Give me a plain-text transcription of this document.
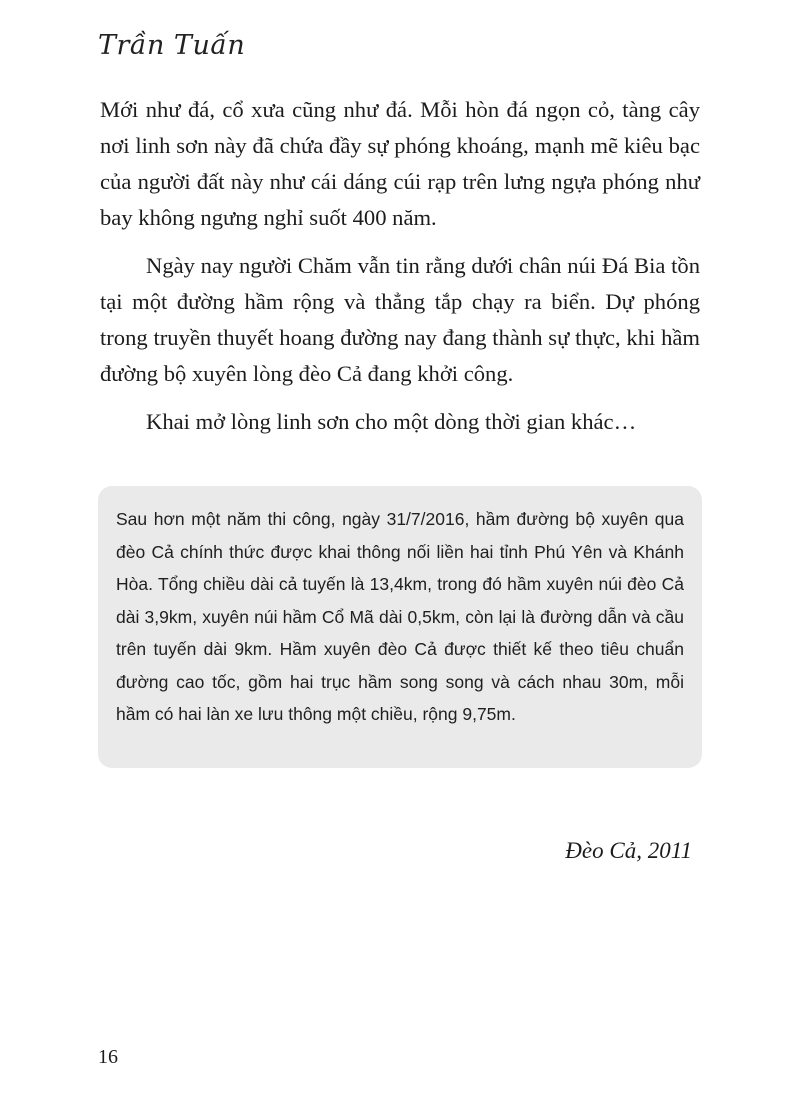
Trần Tuấn

Mới như đá, cổ xưa cũng như đá. Mỗi hòn đá ngọn cỏ, tàng cây nơi linh sơn này đã chứa đầy sự phóng khoáng, mạnh mẽ kiêu bạc của người đất này như cái dáng cúi rạp trên lưng ngựa phóng như bay không ngưng nghỉ suốt 400 năm.

Ngày nay người Chăm vẫn tin rằng dưới chân núi Đá Bia tồn tại một đường hầm rộng và thẳng tắp chạy ra biển. Dự phóng trong truyền thuyết hoang đường nay đang thành sự thực, khi hầm đường bộ xuyên lòng đèo Cả đang khởi công.

Khai mở lòng linh sơn cho một dòng thời gian khác…

Sau hơn một năm thi công, ngày 31/7/2016, hầm đường bộ xuyên qua đèo Cả chính thức được khai thông nối liền hai tỉnh Phú Yên và Khánh Hòa. Tổng chiều dài cả tuyến là 13,4km, trong đó hầm xuyên núi đèo Cả dài 3,9km, xuyên núi hầm Cổ Mã dài 0,5km, còn lại là đường dẫn và cầu trên tuyến dài 9km. Hầm xuyên đèo Cả được thiết kế theo tiêu chuẩn đường cao tốc, gồm hai trục hầm song song và cách nhau 30m, mỗi hầm có hai làn xe lưu thông một chiều, rộng 9,75m.
Đèo Cả, 2011
16
